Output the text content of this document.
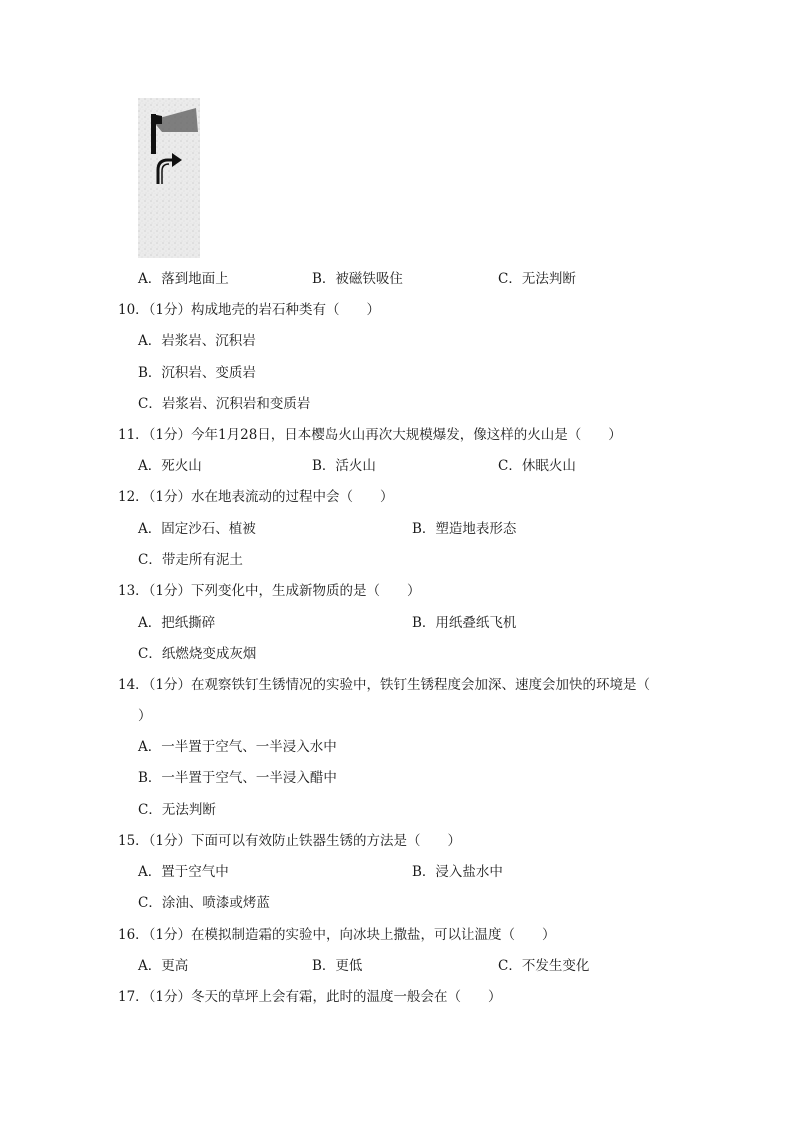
A．落到地面上	B．被磁铁吸住	C．无法判断
10．（1分）构成地壳的岩石种类有（　　）
A．岩浆岩、沉积岩
B．沉积岩、变质岩
C．岩浆岩、沉积岩和变质岩
11．（1分）今年1月28日，日本樱岛火山再次大规模爆发，像这样的火山是（　　）
A．死火山	B．活火山	C．休眠火山
12．（1分）水在地表流动的过程中会（　　）
A．固定沙石、植被	B．塑造地表形态
C．带走所有泥土
13．（1分）下列变化中，生成新物质的是（　　）
A．把纸撕碎	B．用纸叠纸飞机
C．纸燃烧变成灰烟
14．（1分）在观察铁钉生锈情况的实验中，铁钉生锈程度会加深、速度会加快的环境是（
）
A．一半置于空气、一半浸入水中
B．一半置于空气、一半浸入醋中
C．无法判断
15．（1分）下面可以有效防止铁器生锈的方法是（　　）
A．置于空气中	B．浸入盐水中
C．涂油、喷漆或烤蓝
16．（1分）在模拟制造霜的实验中，向冰块上撒盐，可以让温度（　　）
A．更高	B．更低	C．不发生变化
17．（1分）冬天的草坪上会有霜，此时的温度一般会在（　　）
